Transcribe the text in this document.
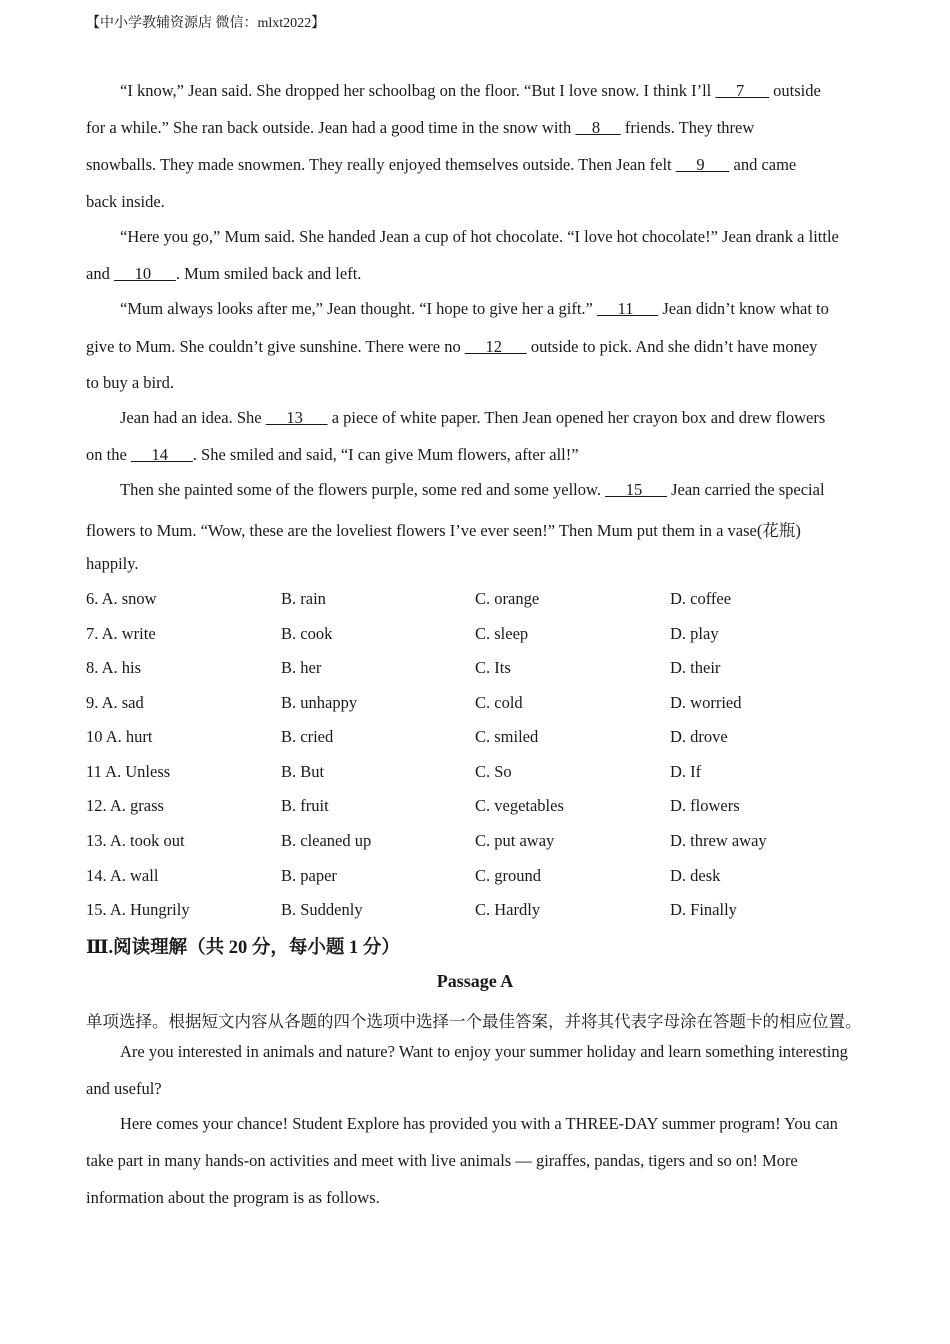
【中小学教辅资源店 微信：mlxt2022】
“I know,” Jean said. She dropped her schoolbag on the floor. “But I love snow. I think I’ll      7       outside
for a while.” She ran back outside. Jean had a good time in the snow with     8      friends. They threw
snowballs. They made snowmen. They really enjoyed themselves outside. Then Jean felt      9       and came
back inside.
“Here you go,” Mum said. She handed Jean a cup of hot chocolate. “I love hot chocolate!” Jean drank a little
and      10      . Mum smiled back and left.
“Mum always looks after me,” Jean thought. “I hope to give her a gift.”      11       Jean didn’t know what to
give to Mum. She couldn’t give sunshine. There were no      12       outside to pick. And she didn’t have money
to buy a bird.
Jean had an idea. She      13       a piece of white paper. Then Jean opened her crayon box and drew flowers
on the      14      . She smiled and said, “I can give Mum flowers, after all!”
Then she painted some of the flowers purple, some red and some yellow.      15       Jean carried the special
flowers to Mum. “Wow, these are the loveliest flowers I’ve ever seen!” Then Mum put them in a vase(花瓶)
happily.
6. A. snow	B. rain	C. orange	D. coffee
7. A. write	B. cook	C. sleep	D. play
8. A. his	B. her	C. Its	D. their
9. A. sad	B. unhappy	C. cold	D. worried
10 A. hurt	B. cried	C. smiled	D. drove
11 A. Unless	B. But	C. So	D. If
12. A. grass	B. fruit	C. vegetables	D. flowers
13. A. took out	B. cleaned up	C. put away	D. threw away
14. A. wall	B. paper	C. ground	D. desk
15. A. Hungrily	B. Suddenly	C. Hardly	D. Finally
Ⅲ.阅读理解（共 20 分，每小题 1 分）
Passage A
单项选择。根据短文内容从各题的四个选项中选择一个最佳答案，并将其代表字母涂在答题卡的相应位置。
Are you interested in animals and nature? Want to enjoy your summer holiday and learn something interesting
and useful?
Here comes your chance! Student Explore has provided you with a THREE-DAY summer program! You can
take part in many hands-on activities and meet with live animals — giraffes, pandas, tigers and so on! More
information about the program is as follows.
